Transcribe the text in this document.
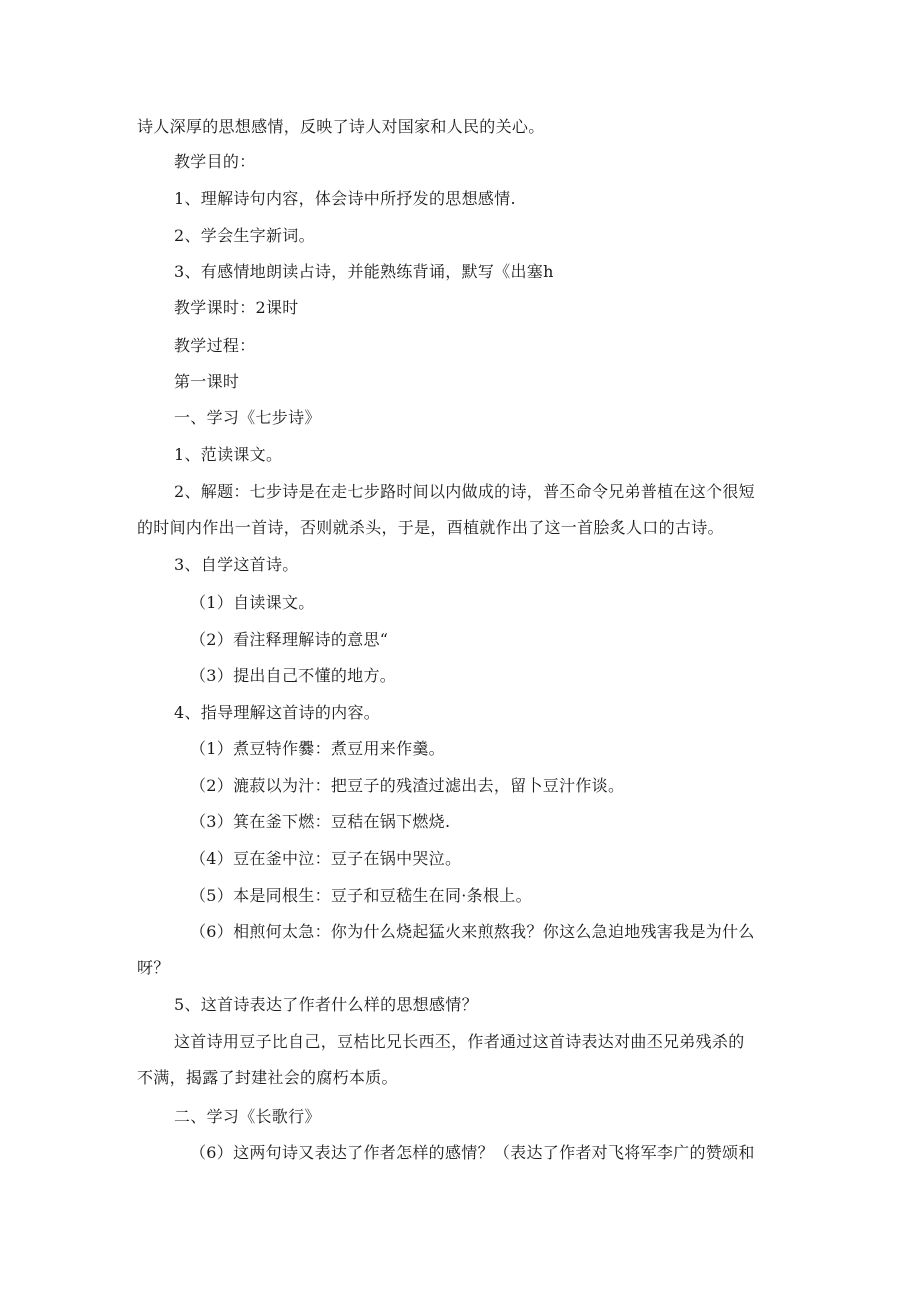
诗人深厚的思想感情，反映了诗人对国家和人民的关心。
教学目的：
1、理解诗句内容，体会诗中所抒发的思想感情.
2、学会生字新词。
3、有感情地朗读占诗，并能熟练背诵，默写《出塞h
教学课时：2课时
教学过程：
第一课时
一、学习《七步诗》
1、范读课文。
2、解题：七步诗是在走七步路时间以内做成的诗，普丕命令兄弟普植在这个很短
的时间内作出一首诗，否则就杀头，于是，酉植就作出了这一首脍炙人口的古诗。
3、自学这首诗。
（1）自读课文。
（2）看注释理解诗的意思“
（3）提出自己不懂的地方。
4、指导理解这首诗的内容。
（1）煮豆特作爨：煮豆用来作羹。
（2）漉菽以为汁：把豆子的残渣过滤出去，留卜豆汁作谈。
（3）箕在釜下燃：豆秸在锅下燃烧.
（4）豆在釜中泣：豆子在锅中哭泣。
（5）本是同根生：豆子和豆嵇生在同·条根上。
（6）相煎何太急：你为什么烧起猛火来煎熬我？你这么急迫地残害我是为什么
呀？
5、这首诗表达了作者什么样的思想感情？
这首诗用豆子比自己，豆桔比兄长西丕，作者通过这首诗表达对曲丕兄弟残杀的
不满，揭露了封建社会的腐朽本质。
二、学习《长歌行》
（6）这两句诗又表达了作者怎样的感情？（表达了作者对飞将军李广的赞颂和
